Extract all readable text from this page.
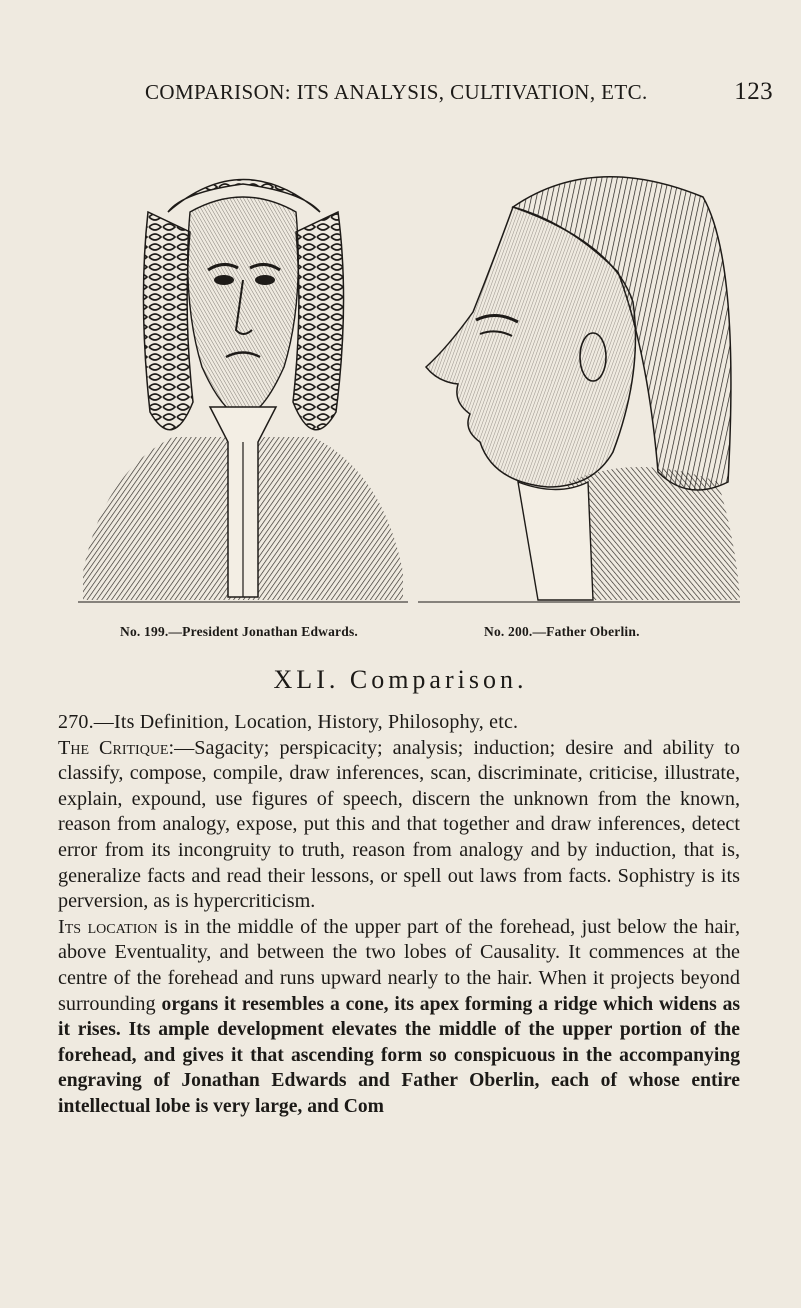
COMPARISON: ITS ANALYSIS, CULTIVATION, ETC.	123
No. 199.—President Jonathan Edwards.	No. 200.—Father Oberlin.
XLI. Comparison.

270.—Its Definition, Location, History, Philosophy, etc.

The Critique:—Sagacity; perspicacity; analysis; induction; desire and ability to classify, compose, compile, draw inferences, scan, discriminate, criticise, illustrate, explain, expound, use figures of speech, discern the unknown from the known, reason from analogy, expose, put this and that together and draw inferences, detect error from its incongruity to truth, reason from analogy and by induction, that is, generalize facts and read their lessons, or spell out laws from facts. Sophistry is its perversion, as is hypercriticism.

Its location is in the middle of the upper part of the forehead, just below the hair, above Eventuality, and between the two lobes of Causality. It commences at the centre of the forehead and runs upward nearly to the hair. When it projects beyond surrounding organs it resembles a cone, its apex forming a ridge which widens as it rises. Its ample development elevates the middle of the upper portion of the forehead, and gives it that ascending form so conspicuous in the accompanying engraving of Jonathan Edwards and Father Oberlin, each of whose entire intellectual lobe is very large, and Com
